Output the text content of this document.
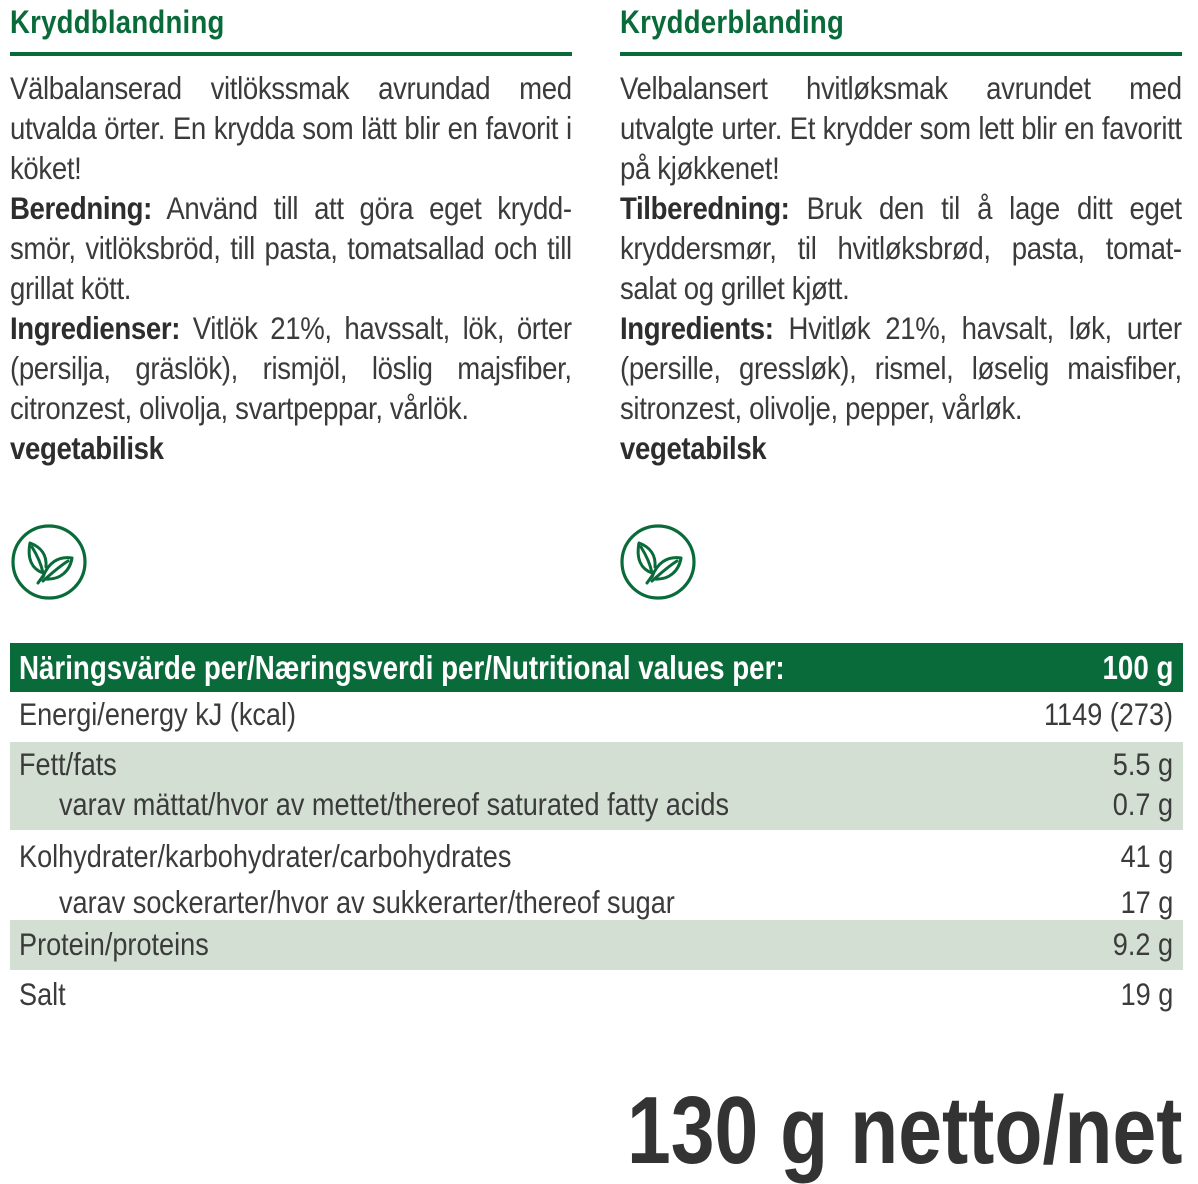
Kryddblandning
Välbalanserad vitlökssmak avrundad med utvalda örter. En krydda som lätt blir en favorit i köket!
Beredning: Använd till att göra eget krydd-smör, vitlöksbröd, till pasta, tomatsallad och till grillat kött.
Ingredienser: Vitlök 21%, havssalt, lök, örter (persilja, gräslök), rismjöl, löslig majsfiber, citronzest, olivolja, svartpeppar, vårlök.
vegetabilisk
Krydderblanding
Velbalansert hvitløksmak avrundet med utvalgte urter. Et krydder som lett blir en favoritt på kjøkkenet!
Tilberedning: Bruk den til å lage ditt eget kryddersmør, til hvitløksbrød, pasta, tomat-salat og grillet kjøtt.
Ingredients: Hvitløk 21%, havsalt, løk, urter (persille, gressløk), rismel, løselig maisfiber, sitronzest, olivolje, pepper, vårløk.
vegetabilsk
Näringsvärde per/Næringsverdi per/Nutritional values per:	100 g
Energi/energy kJ (kcal)	1149 (273)
Fett/fats	5.5 g
varav mättat/hvor av mettet/thereof saturated fatty acids	0.7 g
Kolhydrater/karbohydrater/carbohydrates	41 g
varav sockerarter/hvor av sukkerarter/thereof sugar	17 g
Protein/proteins	9.2 g
Salt	19 g
130 g netto/net
